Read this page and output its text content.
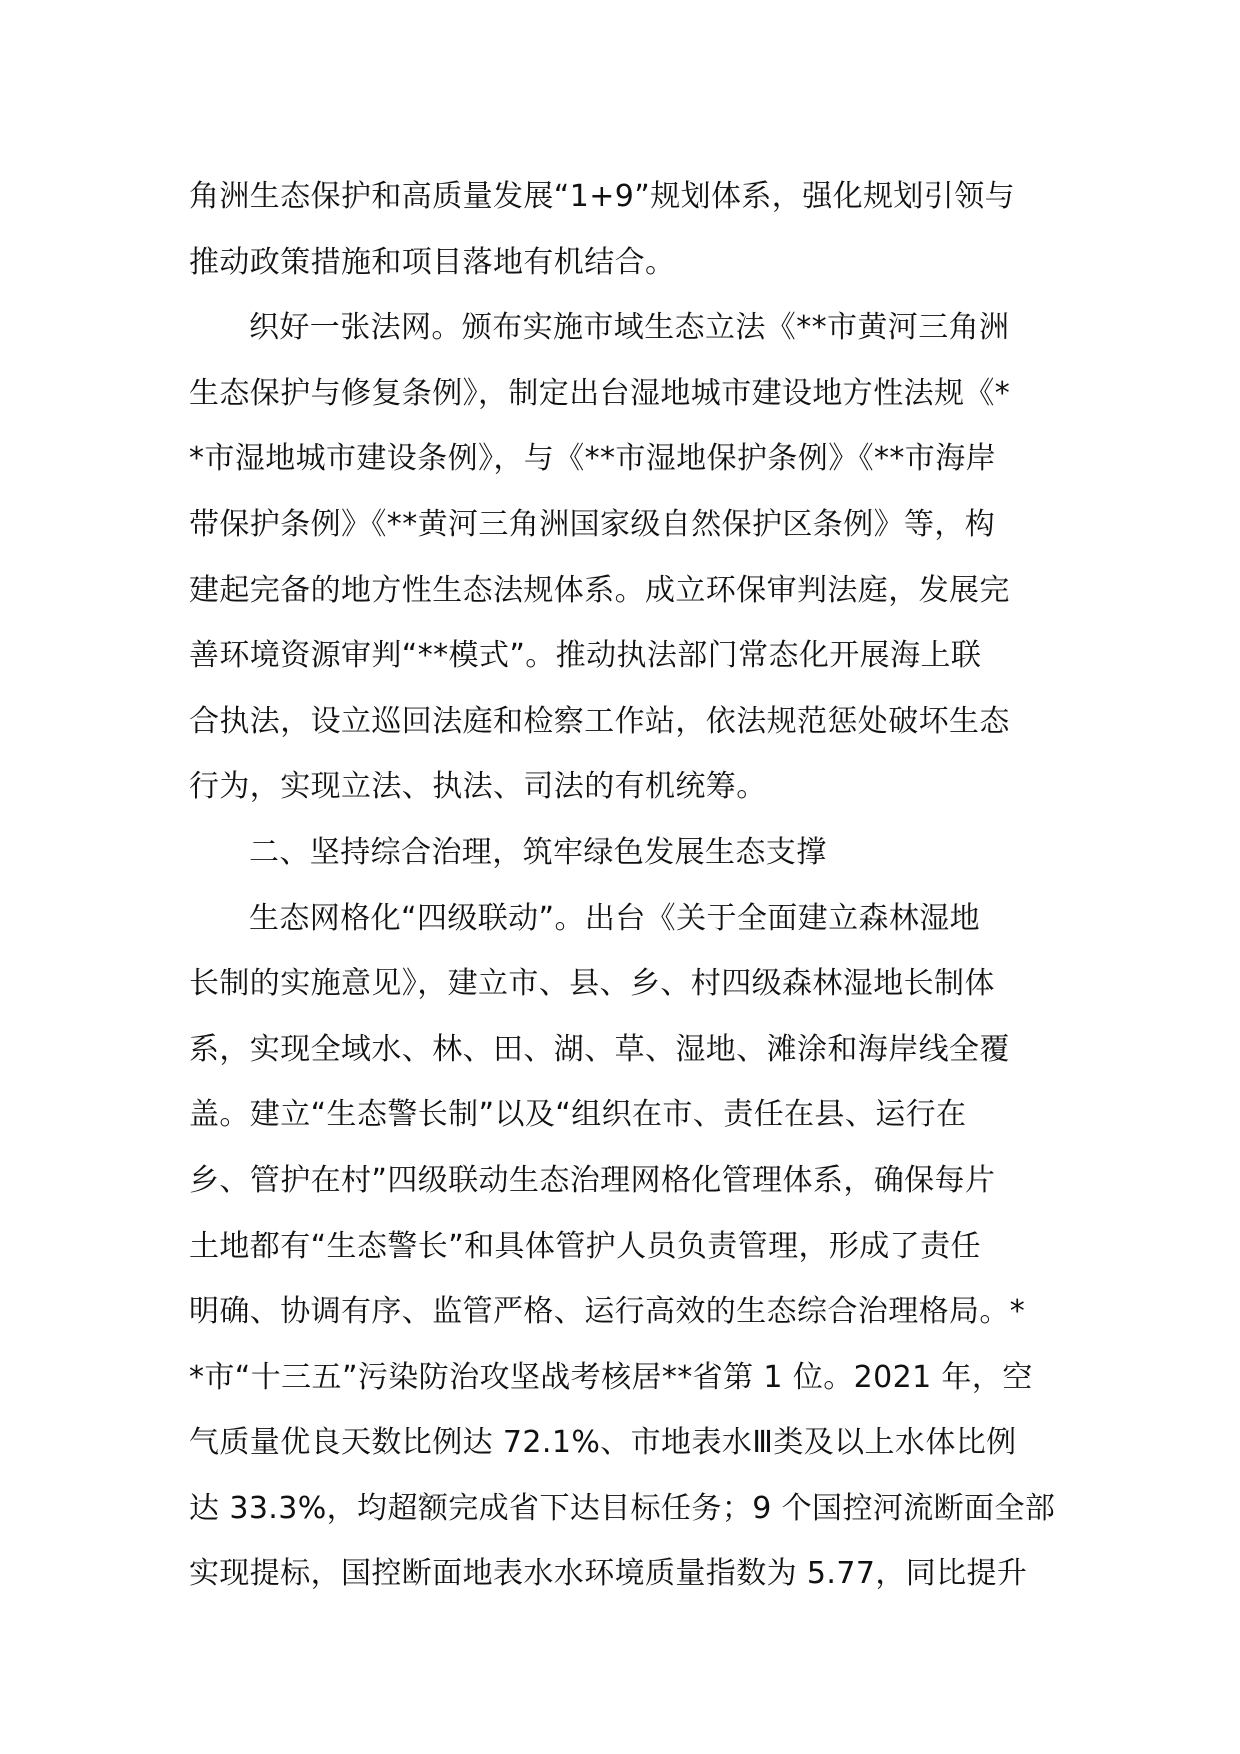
角洲生态保护和高质量发展“1+9”规划体系，强化规划引领与
推动政策措施和项目落地有机结合。
织好一张法网。颁布实施市域生态立法《**市黄河三角洲
生态保护与修复条例》，制定出台湿地城市建设地方性法规《*
*市湿地城市建设条例》，与《**市湿地保护条例》《**市海岸
带保护条例》《**黄河三角洲国家级自然保护区条例》等，构
建起完备的地方性生态法规体系。成立环保审判法庭，发展完
善环境资源审判“**模式”。推动执法部门常态化开展海上联
合执法，设立巡回法庭和检察工作站，依法规范惩处破坏生态
行为，实现立法、执法、司法的有机统筹。
二、坚持综合治理，筑牢绿色发展生态支撑
生态网格化“四级联动”。出台《关于全面建立森林湿地
长制的实施意见》，建立市、县、乡、村四级森林湿地长制体
系，实现全域水、林、田、湖、草、湿地、滩涂和海岸线全覆
盖。建立“生态警长制”以及“组织在市、责任在县、运行在
乡、管护在村”四级联动生态治理网格化管理体系，确保每片
土地都有“生态警长”和具体管护人员负责管理，形成了责任
明确、协调有序、监管严格、运行高效的生态综合治理格局。*
*市“十三五”污染防治攻坚战考核居**省第 1 位。2021 年，空
气质量优良天数比例达 72.1%、市地表水Ⅲ类及以上水体比例
达 33.3%，均超额完成省下达目标任务；9 个国控河流断面全部
实现提标，国控断面地表水水环境质量指数为 5.77，同比提升
